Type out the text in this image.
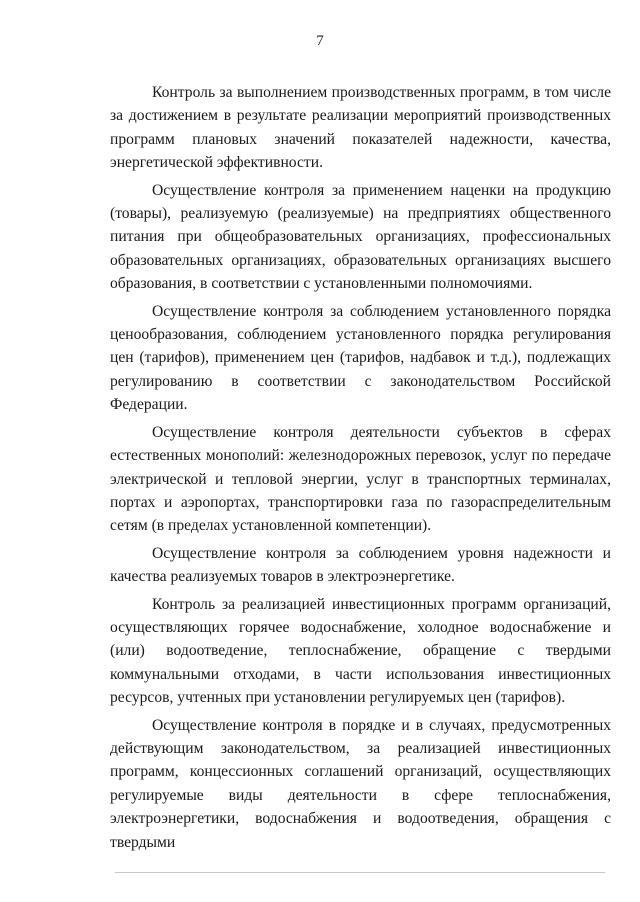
7

Контроль за выполнением производственных программ, в том числе за достижением в результате реализации мероприятий производственных программ плановых значений показателей надежности, качества, энергетической эффективности.

Осуществление контроля за применением наценки на продукцию (товары), реализуемую (реализуемые) на предприятиях общественного питания при общеобразовательных организациях, профессиональных образовательных организациях, образовательных организациях высшего образования, в соответствии с установленными полномочиями.

Осуществление контроля за соблюдением установленного порядка ценообразования, соблюдением установленного порядка регулирования цен (тарифов), применением цен (тарифов, надбавок и т.д.), подлежащих регулированию в соответствии с законодательством Российской Федерации.

Осуществление контроля деятельности субъектов в сферах естественных монополий: железнодорожных перевозок, услуг по передаче электрической и тепловой энергии, услуг в транспортных терминалах, портах и аэропортах, транспортировки газа по газораспределительным сетям (в пределах установленной компетенции).

Осуществление контроля за соблюдением уровня надежности и качества реализуемых товаров в электроэнергетике.

Контроль за реализацией инвестиционных программ организаций, осуществляющих горячее водоснабжение, холодное водоснабжение и (или) водоотведение, теплоснабжение, обращение с твердыми коммунальными отходами, в части использования инвестиционных ресурсов, учтенных при установлении регулируемых цен (тарифов).

Осуществление контроля в порядке и в случаях, предусмотренных действующим законодательством, за реализацией инвестиционных программ, концессионных соглашений организаций, осуществляющих регулируемые виды деятельности в сфере теплоснабжения, электроэнергетики, водоснабжения и водоотведения, обращения с твердыми
